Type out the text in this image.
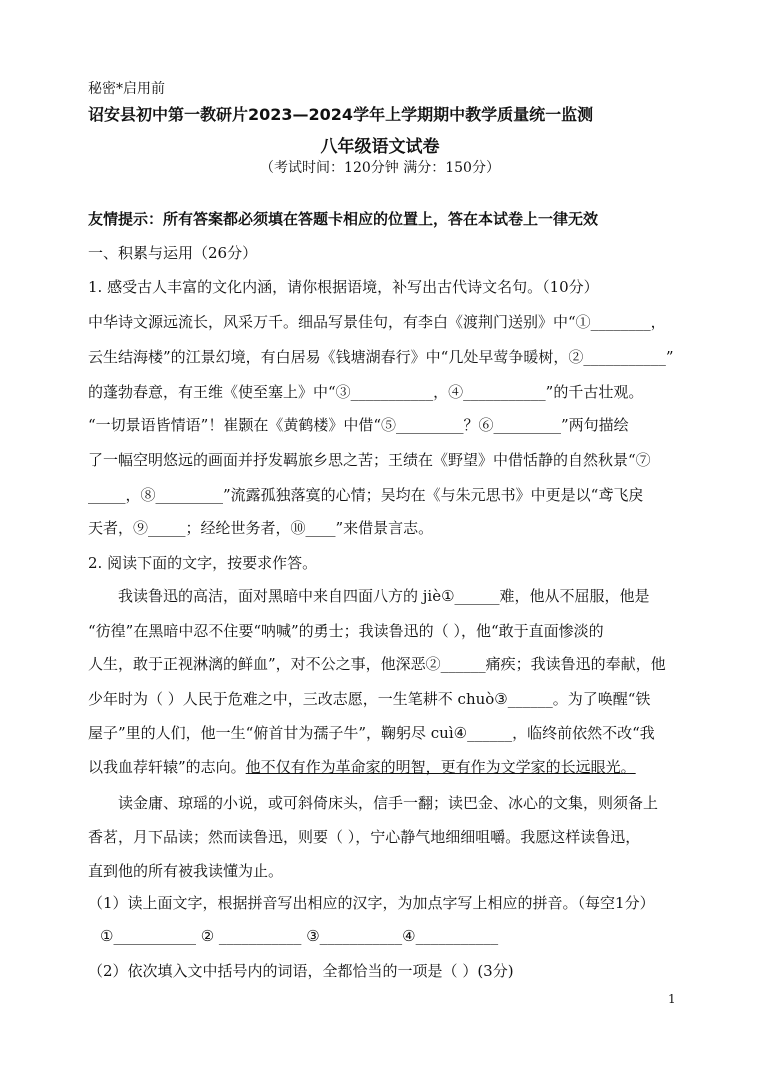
秘密*启用前
诏安县初中第一教研片2023—2024学年上学期期中教学质量统一监测
八年级语文试卷
（考试时间：120分钟 满分：150分）
友情提示：所有答案都必须填在答题卡相应的位置上，答在本试卷上一律无效
一、积累与运用（26分）
1. 感受古人丰富的文化内涵，请你根据语境，补写出古代诗文名句。（10分）
中华诗文源远流长，风采万千。细品写景佳句，有李白《渡荆门送别》中“①________，
云生结海楼”的江景幻境，有白居易《钱塘湖春行》中“几处早莺争暖树，②___________”
的蓬勃春意，有王维《使至塞上》中“③___________，④___________”的千古壮观。
“一切景语皆情语”！崔颢在《黄鹤楼》中借“⑤_________？⑥_________”两句描绘
了一幅空明悠远的画面并抒发羁旅乡思之苦；王绩在《野望》中借恬静的自然秋景“⑦
_____，⑧_________”流露孤独落寞的心情；吴均在《与朱元思书》中更是以“鸢飞戾
天者，⑨_____；经纶世务者，⑩____”来借景言志。
2. 阅读下面的文字，按要求作答。
我读鲁迅的高洁，面对黑暗中来自四面八方的 jiè①______难，他从不屈服，他是
“彷徨”在黑暗中忍不住要“呐喊”的勇士；我读鲁迅的（ ），他“敢于直面惨淡的
人生，敢于正视淋漓的鲜血”，对不公之事，他深恶②______痛疾；我读鲁迅的奉献，他
少年时为（ ）人民于危难之中，三改志愿，一生笔耕不 chuò③______。为了唤醒“铁
屋子”里的人们，他一生“俯首甘为孺子牛”，鞠躬尽 cuì④______，临终前依然不改“我
以我血荐轩辕”的志向。他不仅有作为革命家的明智，更有作为文学家的长远眼光。
读金庸、琼瑶的小说，或可斜倚床头，信手一翻；读巴金、冰心的文集，则须备上
香茗，月下品读；然而读鲁迅，则要（ ），宁心静气地细细咀嚼。我愿这样读鲁迅，
直到他的所有被我读懂为止。
（1）读上面文字，根据拼音写出相应的汉字，为加点字写上相应的拼音。（每空1分）
①___________ ② ___________ ③___________④___________
（2）依次填入文中括号内的词语，全都恰当的一项是（ ）(3分)
1
